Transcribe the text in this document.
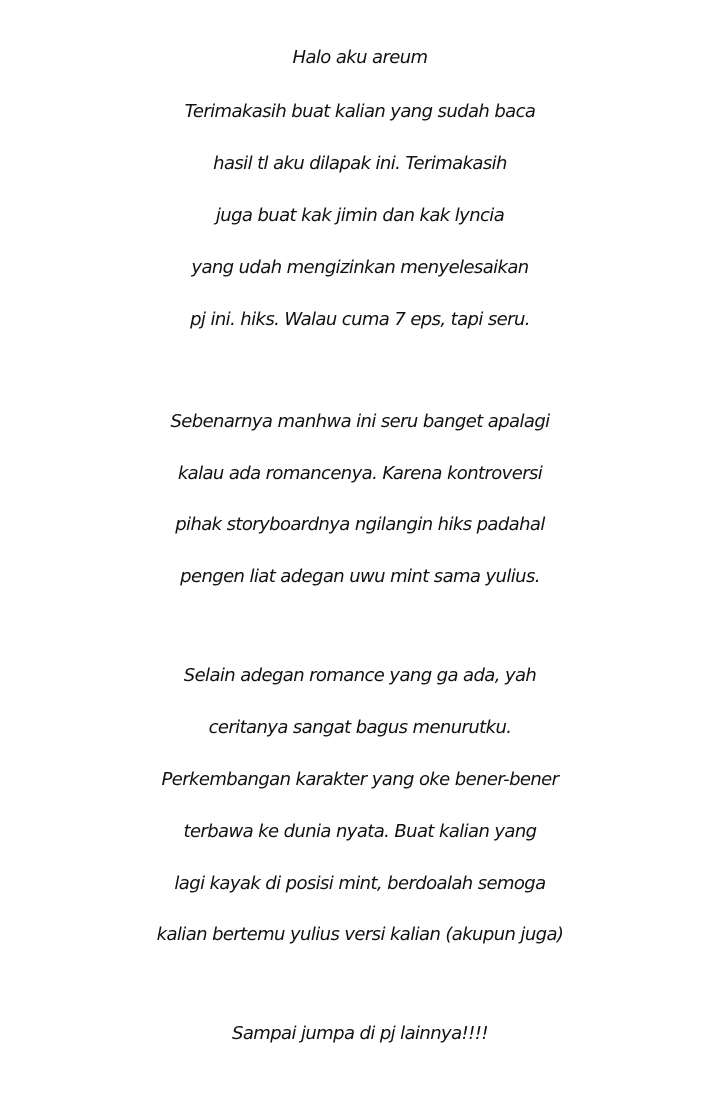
Halo aku areum
Terimakasih buat kalian yang sudah baca
hasil tl aku dilapak ini. Terimakasih
juga buat kak jimin dan kak lyncia
yang udah mengizinkan menyelesaikan
pj ini. hiks. Walau cuma 7 eps, tapi seru.
Sebenarnya manhwa ini seru banget apalagi
kalau ada romancenya. Karena kontroversi
pihak storyboardnya ngilangin hiks padahal
pengen liat adegan uwu mint sama yulius.
Selain adegan romance yang ga ada, yah
ceritanya sangat bagus menurutku.
Perkembangan karakter yang oke bener-bener
terbawa ke dunia nyata. Buat kalian yang
lagi kayak di posisi mint, berdoalah semoga
kalian bertemu yulius versi kalian (akupun juga)
Sampai jumpa di pj lainnya!!!!
